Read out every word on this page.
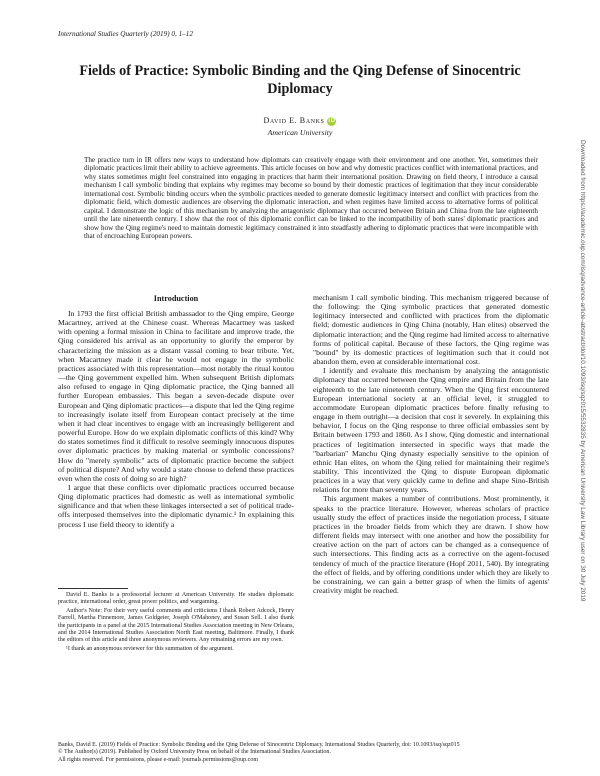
International Studies Quarterly (2019) 0, 1–12
Fields of Practice: Symbolic Binding and the Qing Defense of Sinocentric Diplomacy
David E. Banks iD
American University
The practice turn in IR offers new ways to understand how diplomats can creatively engage with their environment and one another. Yet, sometimes their diplomatic practices limit their ability to achieve agreements. This article focuses on how and why domestic practices conflict with international practices, and why states sometimes might feel constrained into engaging in practices that harm their international position. Drawing on field theory, I introduce a causal mechanism I call symbolic binding that explains why regimes may become so bound by their domestic practices of legitimation that they incur considerable international cost. Symbolic binding occurs when the symbolic practices needed to generate domestic legitimacy intersect and conflict with practices from the diplomatic field, which domestic audiences are observing the diplomatic interaction, and when regimes have limited access to alternative forms of political capital. I demonstrate the logic of this mechanism by analyzing the antagonistic diplomacy that occurred between Britain and China from the late eighteenth until the late nineteenth century. I show that the root of this diplomatic conflict can be linked to the incompatibility of both states' diplomatic practices and show how the Qing regime's need to maintain domestic legitimacy constrained it into steadfastly adhering to diplomatic practices that were incompatible with that of encroaching European powers.
Introduction

In 1793 the first official British ambassador to the Qing empire, George Macartney, arrived at the Chinese coast. Whereas Macartney was tasked with opening a formal mission in China to facilitate and improve trade, the Qing considered his arrival as an opportunity to glorify the emperor by characterizing the mission as a distant vassal coming to bear tribute. Yet, when Macartney made it clear he would not engage in the symbolic practices associated with this representation—most notably the ritual koutou—the Qing government expelled him. When subsequent British diplomats also refused to engage in Qing diplomatic practice, the Qing banned all further European embassies. This began a seven-decade dispute over European and Qing diplomatic practices—a dispute that led the Qing regime to increasingly isolate itself from European contact precisely at the time when it had clear incentives to engage with an increasingly belligerent and powerful Europe. How do we explain diplomatic conflicts of this kind? Why do states sometimes find it difficult to resolve seemingly innocuous disputes over diplomatic practices by making material or symbolic concessions? How do "merely symbolic" acts of diplomatic practice become the subject of political dispute? And why would a state choose to defend these practices even when the costs of doing so are high?

I argue that these conflicts over diplomatic practices occurred because Qing diplomatic practices had domestic as well as international symbolic significance and that when these linkages intersected a set of political trade-offs interposed themselves into the diplomatic dynamic.¹ In explaining this process I use field theory to identify a

David E. Banks is a professorial lecturer at American University. He studies diplomatic practice, international order, great power politics, and wargaming.

Author's Note: For their very useful comments and criticisms I thank Robert Adcock, Henry Farrell, Martha Finnemore, James Goldgeier, Joseph O'Mahoney, and Susan Sell. I also thank the participants in a panel at the 2015 International Studies Association meeting in New Orleans, and the 2014 International Studies Association North East meeting, Baltimore. Finally, I thank the editors of this article and three anonymous reviewers. Any remaining errors are my own.

¹I thank an anonymous reviewer for this summation of the argument.

mechanism I call symbolic binding. This mechanism triggered because of the following: the Qing symbolic practices that generated domestic legitimacy intersected and conflicted with practices from the diplomatic field; domestic audiences in Qing China (notably, Han elites) observed the diplomatic interaction; and the Qing regime had limited access to alternative forms of political capital. Because of these factors, the Qing regime was "bound" by its domestic practices of legitimation such that it could not abandon them, even at considerable international cost.

I identify and evaluate this mechanism by analyzing the antagonistic diplomacy that occurred between the Qing empire and Britain from the late eighteenth to the late nineteenth century. When the Qing first encountered European international society at an official level, it struggled to accommodate European diplomatic practices before finally refusing to engage in them outright—a decision that cost it severely. In explaining this behavior, I focus on the Qing response to three official embassies sent by Britain between 1793 and 1860. As I show, Qing domestic and international practices of legitimation intersected in specific ways that made the "barbarian" Manchu Qing dynasty especially sensitive to the opinion of ethnic Han elites, on whom the Qing relied for maintaining their regime's stability. This incentivized the Qing to dispute European diplomatic practices in a way that very quickly came to define and shape Sino-British relations for more than seventy years.

This argument makes a number of contributions. Most prominently, it speaks to the practice literature. However, whereas scholars of practice usually study the effect of practices inside the negotiation process, I situate practices in the broader fields from which they are drawn. I show how different fields may intersect with one another and how the possibility for creative action on the part of actors can be changed as a consequence of such intersections. This finding acts as a corrective on the agent-focused tendency of much of the practice literature (Hopf 2011, 540). By integrating the effect of fields, and by offering conditions under which they are likely to be constraining, we can gain a better grasp of when the limits of agents' creativity might be reached.

Banks, David E. (2019) Fields of Practice: Symbolic Binding and the Qing Defense of Sinocentric Diplomacy. International Studies Quarterly, doi: 10.1093/isq/sqz015
© The Author(s) (2019). Published by Oxford University Press on behalf of the International Studies Association.
All rights reserved. For permissions, please e-mail: journals.permissions@oup.com
Downloaded from https://academic.oup.com/isq/advance-article-abstract/doi/10.1093/isq/sqz015/5532835 by American University Law Library user on 30 July 2019
